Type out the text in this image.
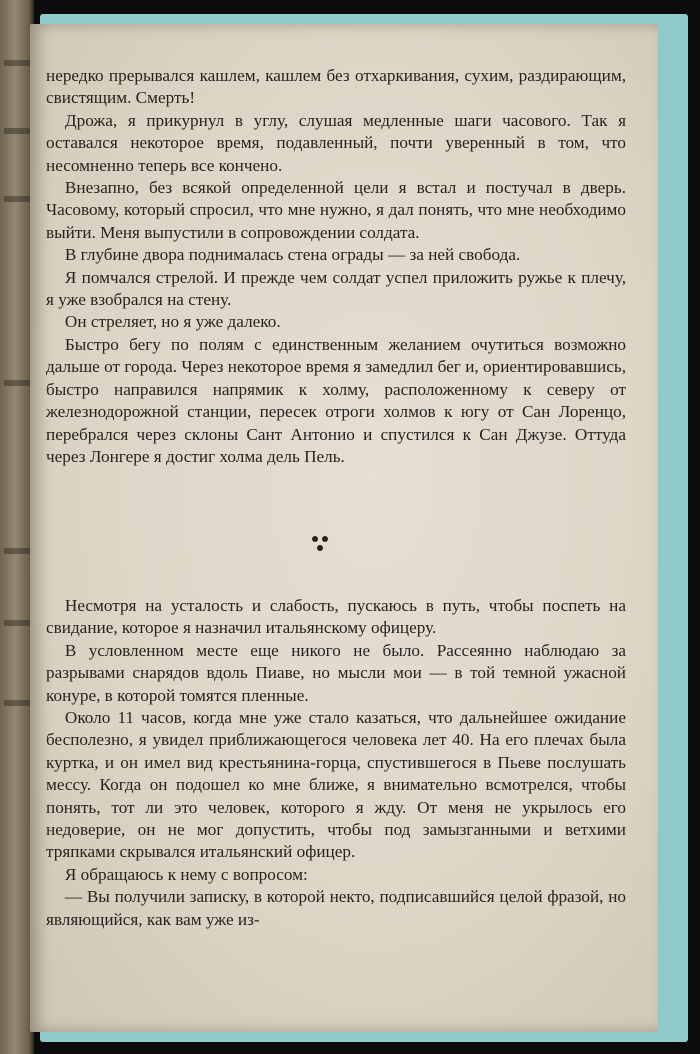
нередко прерывался кашлем, кашлем без отхаркивания, сухим, раздирающим, свистящим. Смерть!

Дрожа, я прикурнул в углу, слушая медленные шаги часового. Так я оставался некоторое время, подавленный, почти уверенный в том, что несомненно теперь все кончено.

Внезапно, без всякой определенной цели я встал и постучал в дверь. Часовому, который спросил, что мне нужно, я дал понять, что мне необходимо выйти. Меня выпустили в сопровождении солдата.

В глубине двора поднималась стена ограды — за ней свобода.

Я помчался стрелой. И прежде чем солдат успел приложить ружье к плечу, я уже взобрался на стену.

Он стреляет, но я уже далеко.

Быстро бегу по полям с единственным желанием очутиться возможно дальше от города. Через некоторое время я замедлил бег и, ориентировавшись, быстро направился напрямик к холму, расположенному к северу от железнодорожной станции, пересек отроги холмов к югу от Сан Лоренцо, перебрался через склоны Сант Антонио и спустился к Сан Джузе. Оттуда через Лонгере я достиг холма дель Пель.

Несмотря на усталость и слабость, пускаюсь в путь, чтобы поспеть на свидание, которое я назначил итальянскому офицеру.

В условленном месте еще никого не было. Рассеянно наблюдаю за разрывами снарядов вдоль Пиаве, но мысли мои — в той темной ужасной конуре, в которой томятся пленные.

Около 11 часов, когда мне уже стало казаться, что дальнейшее ожидание бесполезно, я увидел приближающегося человека лет 40. На его плечах была куртка, и он имел вид крестьянина-горца, спустившегося в Пьеве послушать мессу. Когда он подошел ко мне ближе, я внимательно всмотрелся, чтобы понять, тот ли это человек, которого я жду. От меня не укрылось его недоверие, он не мог допустить, чтобы под замызганными и ветхими тряпками скрывался итальянский офицер.

Я обращаюсь к нему с вопросом:

— Вы получили записку, в которой некто, подписавшийся целой фразой, но являющийся, как вам уже из-
